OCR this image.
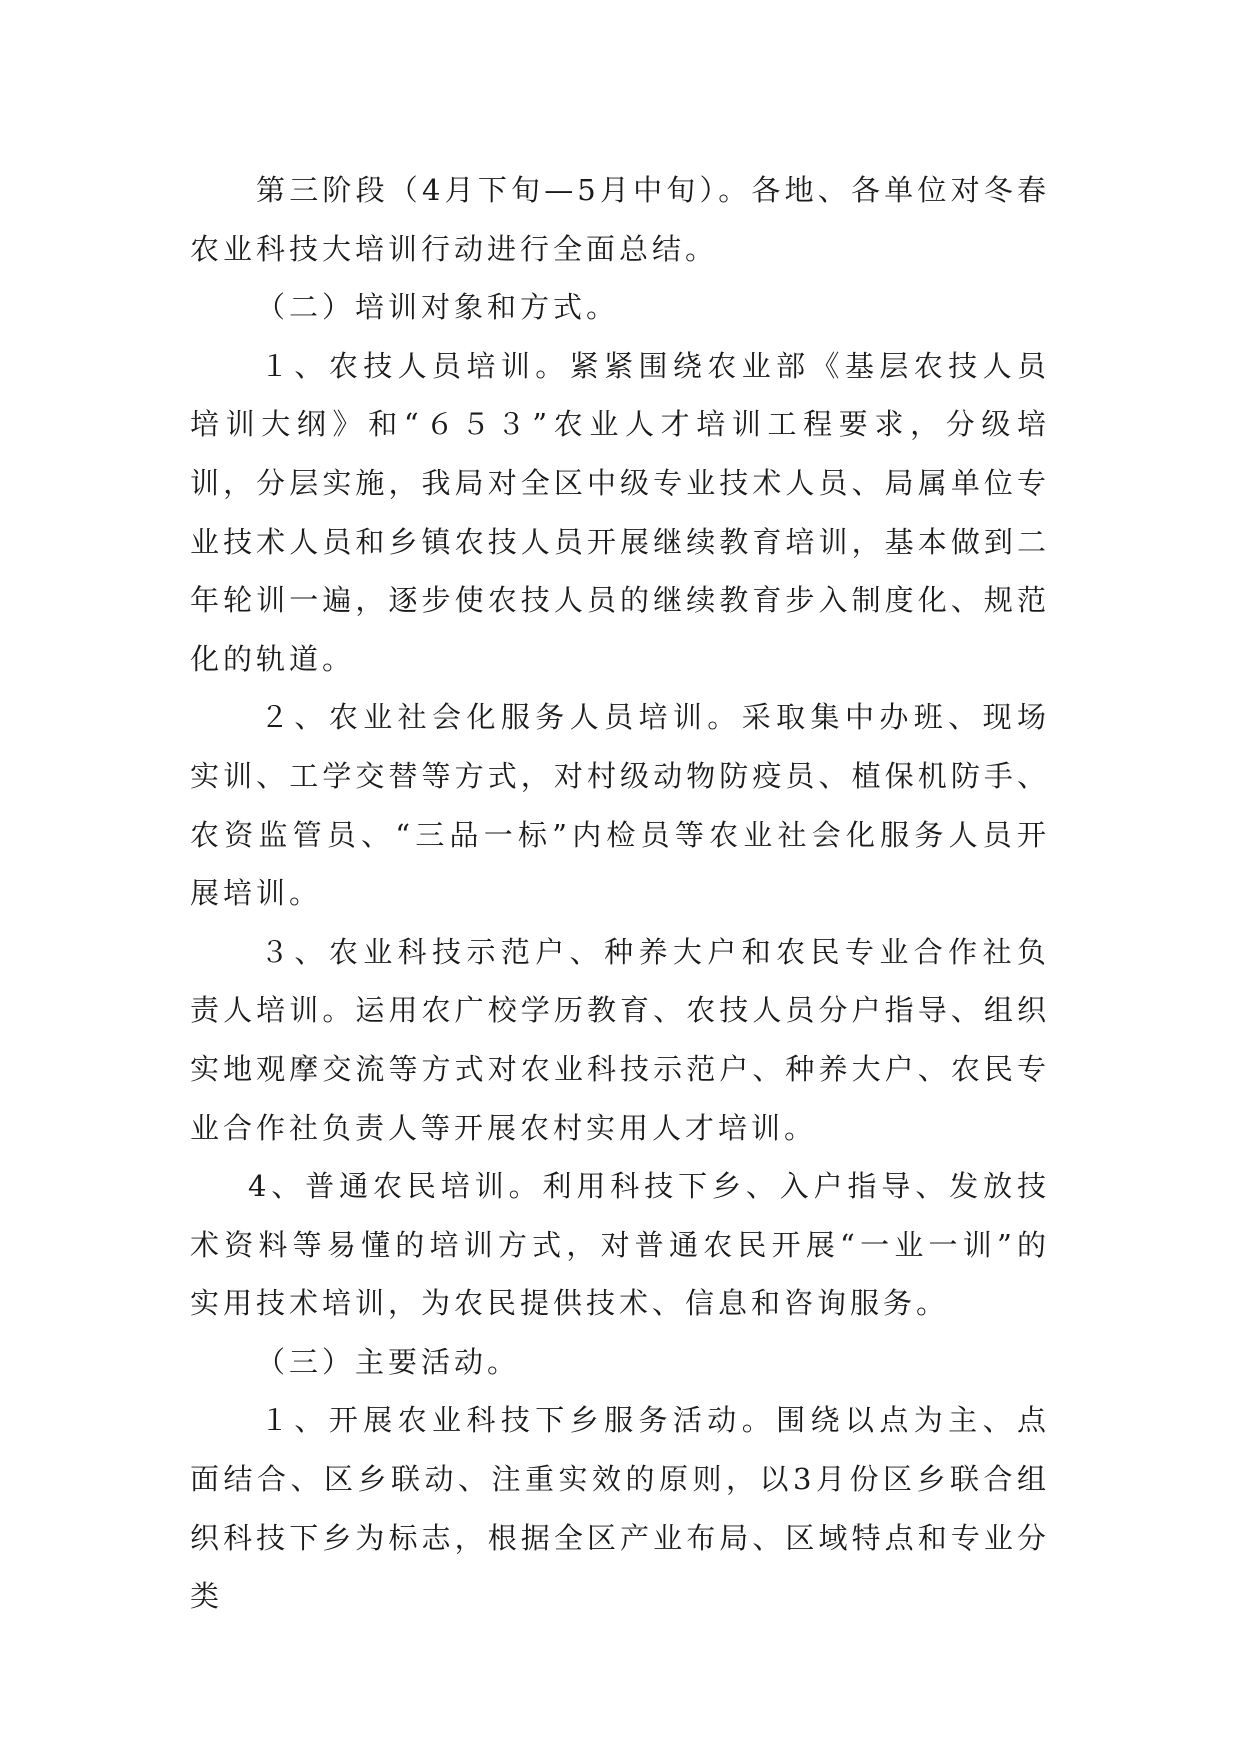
第三阶段（4月下旬—5月中旬）。各地、各单位对冬春农业科技大培训行动进行全面总结。

（二）培训对象和方式。

１、农技人员培训。紧紧围绕农业部《基层农技人员培训大纲》和“６５３”农业人才培训工程要求，分级培训，分层实施，我局对全区中级专业技术人员、局属单位专业技术人员和乡镇农技人员开展继续教育培训，基本做到二年轮训一遍，逐步使农技人员的继续教育步入制度化、规范化的轨道。

２、农业社会化服务人员培训。采取集中办班、现场实训、工学交替等方式，对村级动物防疫员、植保机防手、农资监管员、“三品一标”内检员等农业社会化服务人员开展培训。

３、农业科技示范户、种养大户和农民专业合作社负责人培训。运用农广校学历教育、农技人员分户指导、组织实地观摩交流等方式对农业科技示范户、种养大户、农民专业合作社负责人等开展农村实用人才培训。

4、普通农民培训。利用科技下乡、入户指导、发放技术资料等易懂的培训方式，对普通农民开展“一业一训”的实用技术培训，为农民提供技术、信息和咨询服务。

（三）主要活动。

１、开展农业科技下乡服务活动。围绕以点为主、点面结合、区乡联动、注重实效的原则，以3月份区乡联合组织科技下乡为标志，根据全区产业布局、区域特点和专业分类
